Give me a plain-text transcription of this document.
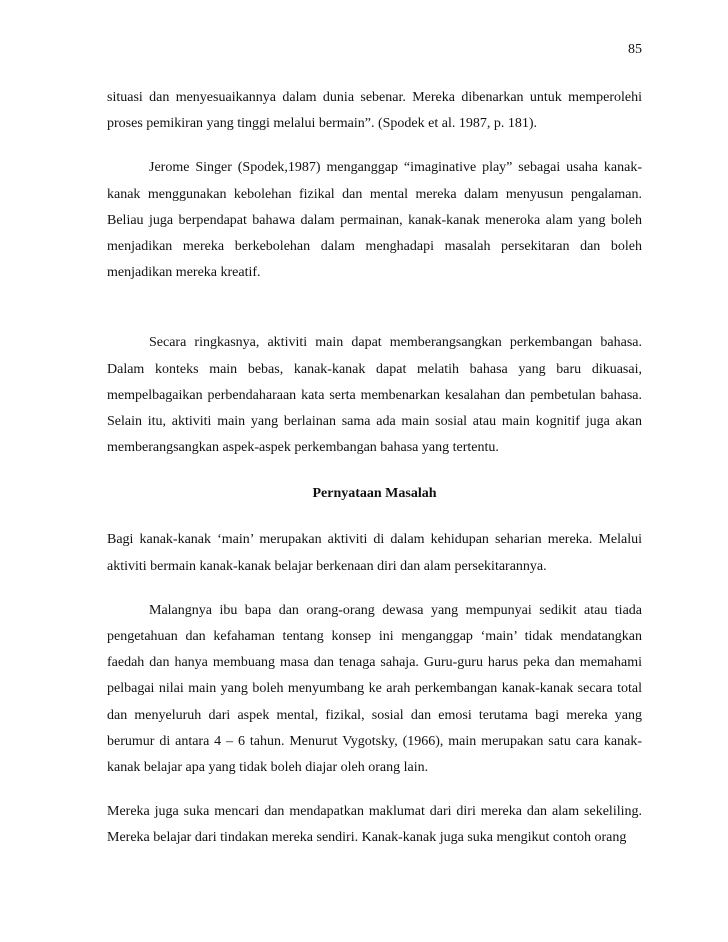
85

situasi dan menyesuaikannya dalam dunia sebenar. Mereka dibenarkan untuk memperolehi proses pemikiran yang tinggi melalui bermain”. (Spodek et al. 1987, p. 181).

Jerome Singer (Spodek,1987) menganggap “imaginative play” sebagai usaha kanak-kanak menggunakan kebolehan fizikal dan mental mereka dalam menyusun pengalaman. Beliau juga berpendapat bahawa dalam permainan, kanak-kanak meneroka alam yang boleh menjadikan mereka berkebolehan dalam menghadapi masalah persekitaran dan boleh menjadikan mereka kreatif.

Secara ringkasnya, aktiviti main dapat memberangsangkan perkembangan bahasa. Dalam konteks main bebas, kanak-kanak dapat melatih bahasa yang baru dikuasai, mempelbagaikan perbendaharaan kata serta membenarkan kesalahan dan pembetulan bahasa. Selain itu, aktiviti main yang berlainan sama ada main sosial atau main kognitif juga akan memberangsangkan aspek-aspek perkembangan bahasa yang tertentu.

Pernyataan Masalah

Bagi kanak-kanak ‘main’ merupakan aktiviti di dalam kehidupan seharian mereka. Melalui aktiviti bermain kanak-kanak belajar berkenaan diri dan alam persekitarannya.

Malangnya ibu bapa dan orang-orang dewasa yang mempunyai sedikit atau tiada pengetahuan dan kefahaman tentang konsep ini menganggap ‘main’ tidak mendatangkan faedah dan hanya membuang masa dan tenaga sahaja. Guru-guru harus peka dan memahami pelbagai nilai main yang boleh menyumbang ke arah perkembangan kanak-kanak secara total dan menyeluruh dari aspek mental, fizikal, sosial dan emosi terutama bagi mereka yang berumur di antara 4 – 6 tahun. Menurut Vygotsky, (1966), main merupakan satu cara kanak-kanak belajar apa yang tidak boleh diajar oleh orang lain.

Mereka juga suka mencari dan mendapatkan maklumat dari diri mereka dan alam sekeliling. Mereka belajar dari tindakan mereka sendiri. Kanak-kanak juga suka mengikut contoh orang
